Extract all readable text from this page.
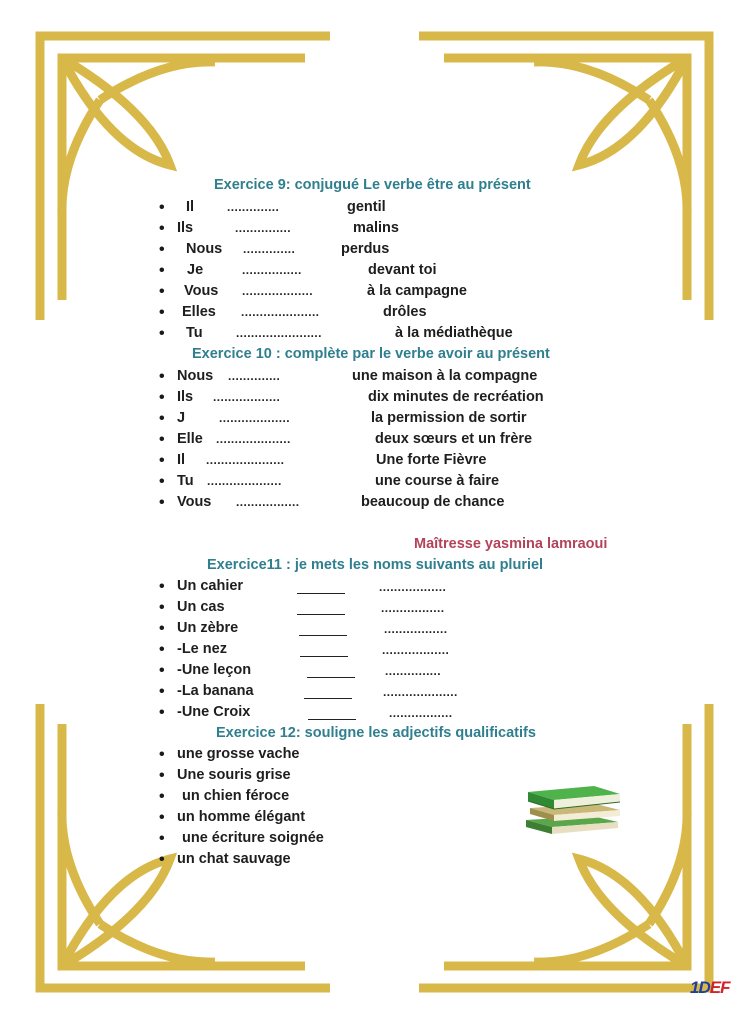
Exercice 9: conjugué Le verbe être au présent
• Il	..............	gentil
• Ils	...............	malins
• Nous ..............	perdus
• Je	................	devant toi
• Vous ...................	à la campagne
• Elles .....................	drôles
• Tu	.......................	à la médiathèque
Exercice 10 : complète par le verbe avoir au présent
• Nous ..............	une maison à la compagne
• Ils ..................	dix minutes de recréation
• J	...................	la permission de sortir
• Elle ....................	deux sœurs et un frère
• Il .....................	Une forte Fièvre
• Tu ....................	une course à faire
• Vous .................	beaucoup de chance
Maîtresse yasmina lamraoui
Exercice11 : je mets les noms suivants au pluriel
• Un cahier	..................
• Un cas	.................
• Un zèbre	.................
• -Le nez	..................
• -Une leçon	...............
• -La banana	....................
• -Une Croix	.................
Exercice 12: souligne les adjectifs qualificatifs
• une grosse vache
• Une souris grise
• un chien féroce
• un homme élégant
• une écriture soignée
• un chat sauvage
1DEF
